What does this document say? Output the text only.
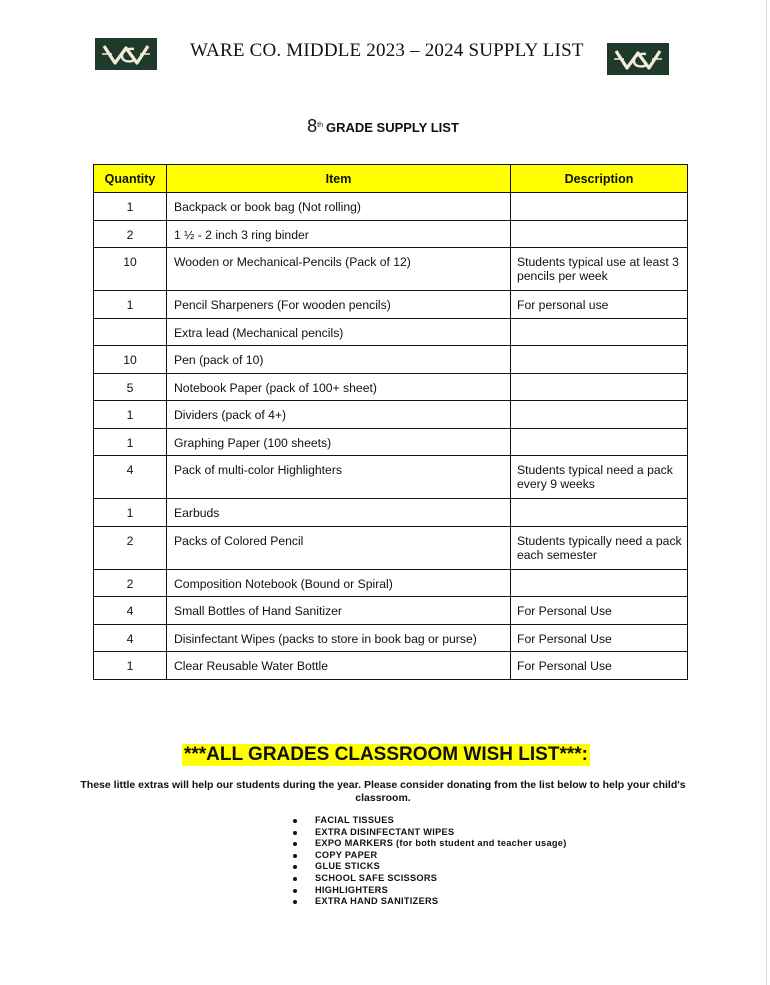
WARE CO. MIDDLE 2023 – 2024 SUPPLY LIST
8th GRADE SUPPLY LIST
Quantity	Item	Description
1	Backpack or book bag (Not rolling)	
2	1 ½ - 2 inch 3 ring binder	
10	Wooden or Mechanical-Pencils (Pack of 12)	Students typical use at least 3 pencils per week
1	Pencil Sharpeners (For wooden pencils)	For personal use
	Extra lead (Mechanical pencils)	
10	Pen (pack of 10)	
5	Notebook Paper (pack of 100+ sheet)	
1	Dividers (pack of 4+)	
1	Graphing Paper (100 sheets)	
4	Pack of multi-color Highlighters	Students typical need a pack every 9 weeks
1	Earbuds	
2	Packs of Colored Pencil	Students typically need a pack each semester
2	Composition Notebook (Bound or Spiral)	
4	Small Bottles of Hand Sanitizer	For Personal Use
4	Disinfectant Wipes (packs to store in book bag or purse)	For Personal Use
1	Clear Reusable Water Bottle	For Personal Use
***ALL GRADES CLASSROOM WISH LIST***:
These little extras will help our students during the year. Please consider donating from the list below to help your child's classroom.
FACIAL TISSUES
EXTRA DISINFECTANT WIPES
EXPO MARKERS (for both student and teacher usage)
COPY PAPER
GLUE STICKS
SCHOOL SAFE SCISSORS
HIGHLIGHTERS
EXTRA HAND SANITIZERS
